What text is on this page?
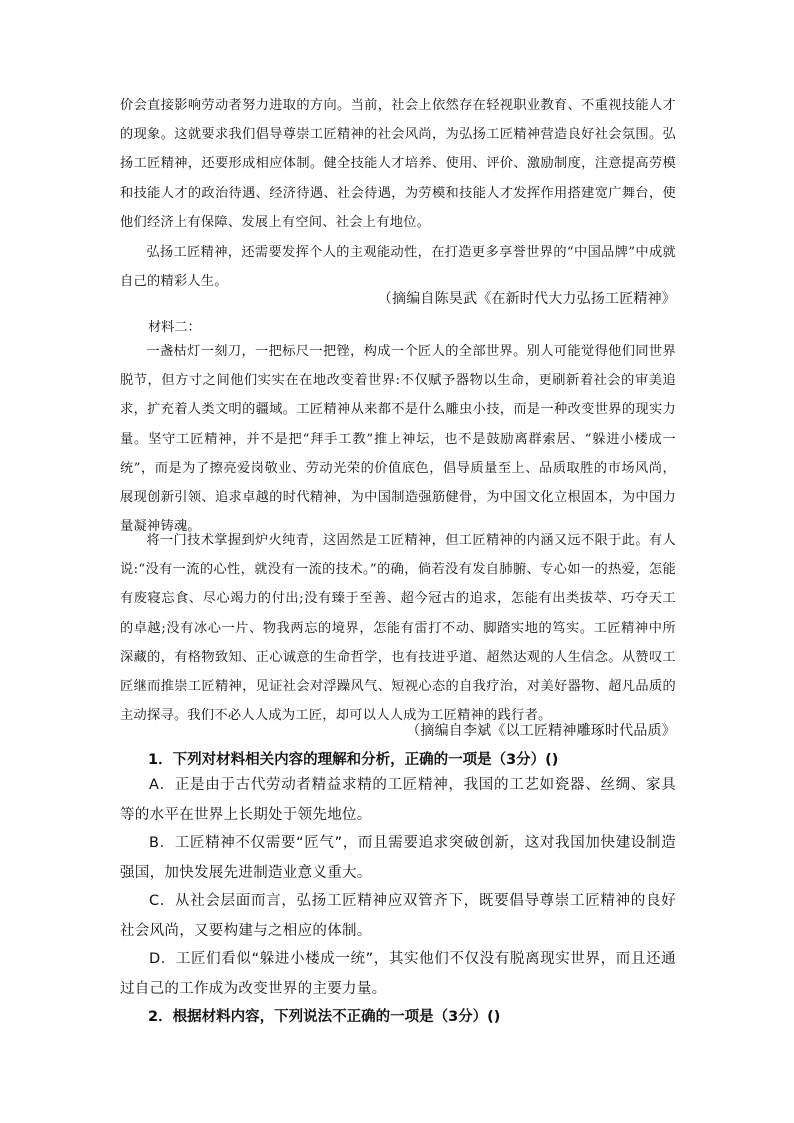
价会直接影响劳动者努力进取的方向。当前，社会上依然存在轻视职业教育、不重视技能人才的现象。这就要求我们倡导尊崇工匠精神的社会风尚，为弘扬工匠精神营造良好社会氛围。弘扬工匠精神，还要形成相应体制。健全技能人才培养、使用、评价、激励制度，注意提高劳模和技能人才的政治待遇、经济待遇、社会待遇，为劳模和技能人才发挥作用搭建宽广舞台，使他们经济上有保障、发展上有空间、社会上有地位。
弘扬工匠精神，还需要发挥个人的主观能动性，在打造更多享誉世界的“中国品牌”中成就自己的精彩人生。
（摘编自陈昊武《在新时代大力弘扬工匠精神》
材料二：
一盏枯灯一刻刀，一把标尺一把锉，构成一个匠人的全部世界。别人可能觉得他们同世界脱节，但方寸之间他们实实在在地改变着世界:不仅赋予器物以生命，更刷新着社会的审美追求，扩充着人类文明的疆域。工匠精神从来都不是什么雕虫小技，而是一种改变世界的现实力量。坚守工匠精神，并不是把“拜手工教”推上神坛，也不是鼓励离群索居、“躲进小楼成一统”，而是为了擦亮爱岗敬业、劳动光荣的价值底色，倡导质量至上、品质取胜的市场风尚，展现创新引领、追求卓越的时代精神，为中国制造强筋健骨，为中国文化立根固本，为中国力量凝神铸魂。
将一门技术掌握到炉火纯青，这固然是工匠精神，但工匠精神的内涵又远不限于此。有人说:“没有一流的心性，就没有一流的技术。”的确，倘若没有发自肺腑、专心如一的热爱，怎能有废寝忘食、尽心竭力的付出;没有臻于至善、超今冠古的追求，怎能有出类拔萃、巧夺天工的卓越;没有冰心一片、物我两忘的境界，怎能有雷打不动、脚踏实地的笃实。工匠精神中所深藏的，有格物致知、正心诚意的生命哲学，也有技进乎道、超然达观的人生信念。从赞叹工匠继而推崇工匠精神，见证社会对浮躁风气、短视心态的自我疗治，对美好器物、超凡品质的主动探寻。我们不必人人成为工匠，却可以人人成为工匠精神的践行者。
（摘编自李斌《以工匠精神雕琢时代品质》
1．下列对材料相关内容的理解和分析，正确的一项是（3分）()
A．正是由于古代劳动者精益求精的工匠精神，我国的工艺如瓷器、丝绸、家具等的水平在世界上长期处于领先地位。
B．工匠精神不仅需要“匠气”，而且需要追求突破创新，这对我国加快建设制造强国，加快发展先进制造业意义重大。
C．从社会层面而言，弘扬工匠精神应双管齐下，既要倡导尊崇工匠精神的良好社会风尚，又要构建与之相应的体制。
D．工匠们看似“躲进小楼成一统”，其实他们不仅没有脱离现实世界，而且还通过自己的工作成为改变世界的主要力量。
2．根据材料内容，下列说法不正确的一项是（3分）()
